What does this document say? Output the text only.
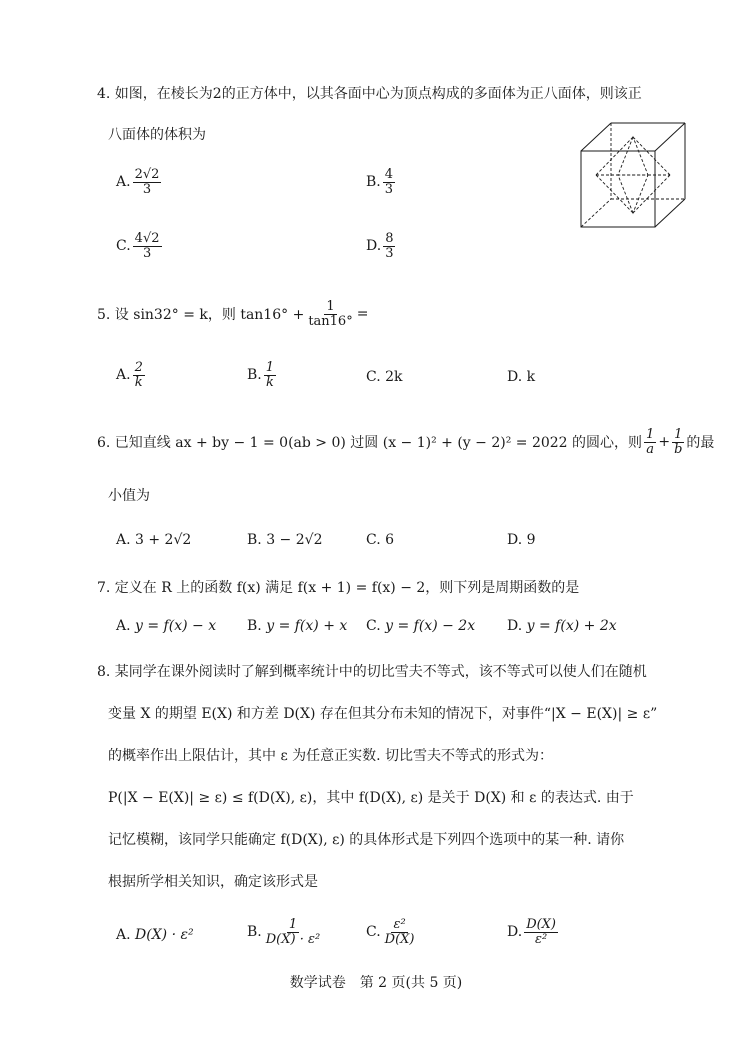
4. 如图，在棱长为2的正方体中，以其各面中心为顶点构成的多面体为正八面体，则该正
八面体的体积为
A. $\frac{2√2}{3}$	B. $\frac{4}{3}$
C. $\frac{4√2}{3}$	D. $\frac{8}{3}$
5. 设 sin32° = k，则 $\tan 16^\circ + \frac{1}{\tan 16^\circ}$ =
A. $\frac{2}{k}$	B. $\frac{1}{k}$	C.
2k	D.
k
6. 已知直线 ax + by − 1 = 0(ab > 0) 过圆 (x − 1)² + (y − 2)² = 2022 的圆心，则 $\frac{1}{a} + \frac{1}{b}$ 的最
小值为
A.
3 + 2√2	B.
3 − 2√2	C.
6	D.
9
7. 定义在 R 上的函数 f(x) 满足 f(x + 1) = f(x) − 2，则下列是周期函数的是
A.
y = f(x) − x B.
y = f(x) + x C.
y = f(x) − 2x D.
y = f(x) + 2x
8. 某同学在课外阅读时了解到概率统计中的切比雪夫不等式，该不等式可以使人们在随机
变量 X 的期望 E(X) 和方差 D(X) 存在但其分布未知的情况下，对事件“|X − E(X)| ≥ ε”
的概率作出上限估计，其中 ε 为任意正实数. 切比雪夫不等式的形式为：
P(|X − E(X)| ≥ ε) ≤ f(D(X), ε)，其中 f(D(X), ε) 是关于 D(X) 和 ε 的表达式. 由于
记忆模糊，该同学只能确定 f(D(X), ε) 的具体形式是下列四个选项中的某一种. 请你
根据所学相关知识，确定该形式是
A.
D(X) · ε²	B. $\frac{1}{\text{D(X) · ε²}}$	C. $\frac{\text{ε²}}{D(X)}$	D. $\frac{D(X)}{\text{ε²}}$
数学试卷　第 2 页(共 5 页)
